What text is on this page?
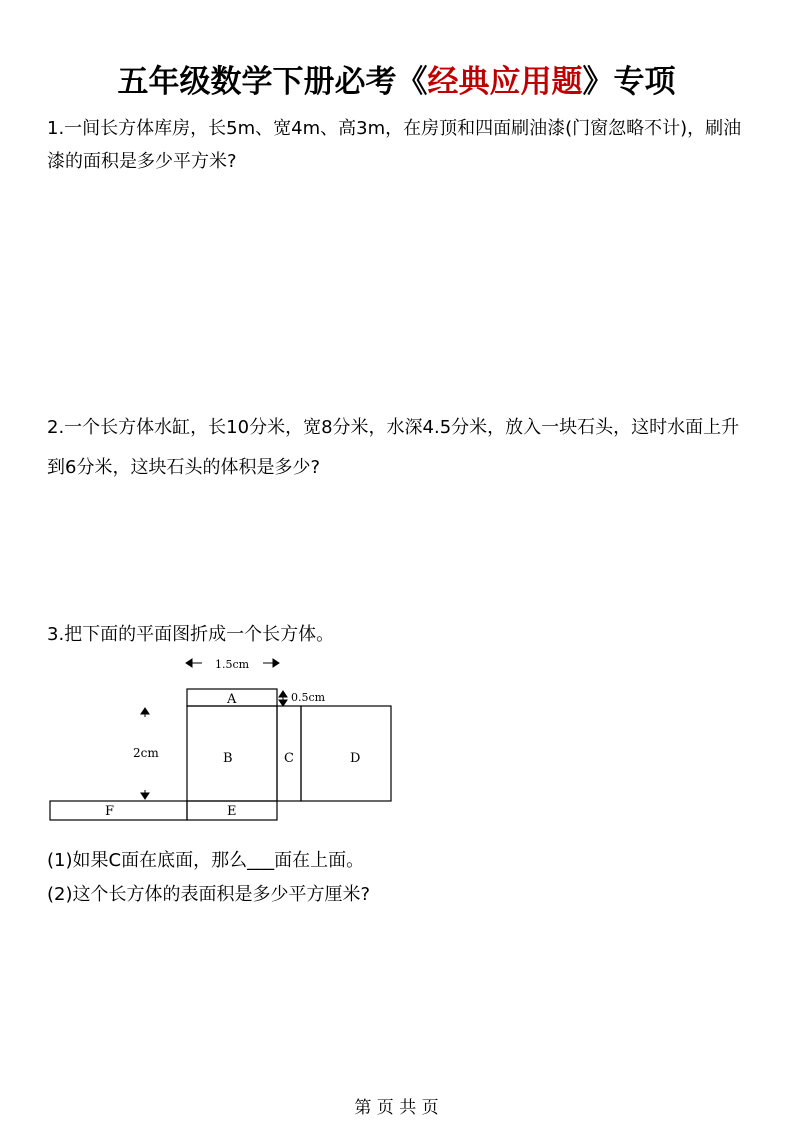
五年级数学下册必考《经典应用题》专项
1.一间长方体库房，长5m、宽4m、高3m，在房顶和四面刷油漆(门窗忽略不计)，刷油漆的面积是多少平方米?
2.一个长方体水缸，长10分米，宽8分米，水深4.5分米，放入一块石头，这时水面上升到6分米，这块石头的体积是多少?
3.把下面的平面图折成一个长方体。
1.5cm
A
B	C	D
E
F
0.5cm
2cm
(1)如果C面在底面，那么___面在上面。
(2)这个长方体的表面积是多少平方厘米?
第 页 共 页
